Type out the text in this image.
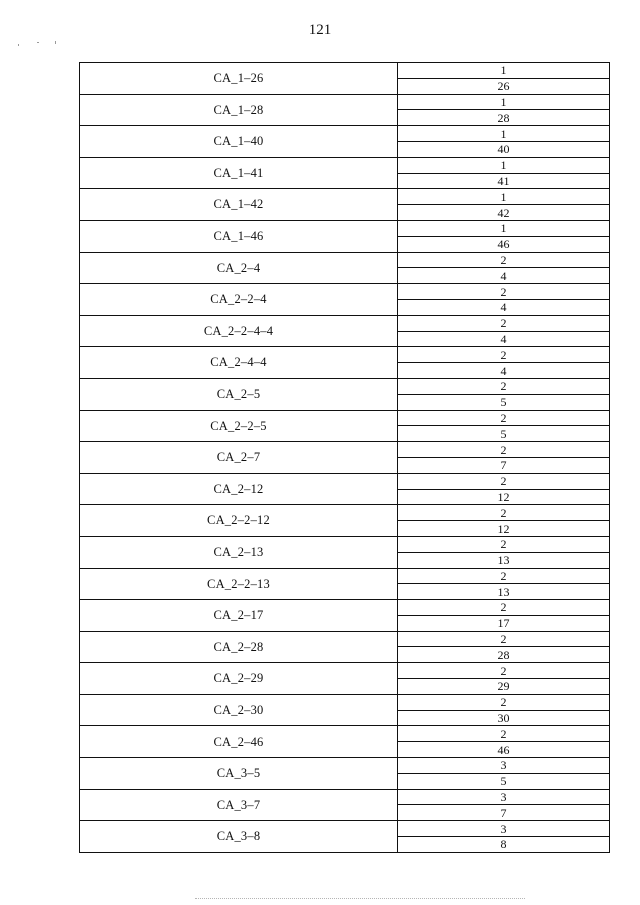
121
CA_1–26	1
26

CA_1–28	1
28

CA_1–40	1
40

CA_1–41	1
41

CA_1–42	1
42

CA_1–46	1
46

CA_2–4	2
4

CA_2–2–4	2
4

CA_2–2–4–4	2
4

CA_2–4–4	2
4

CA_2–5	2
5

CA_2–2–5	2
5

CA_2–7	2
7

CA_2–12	2
12

CA_2–2–12	2
12

CA_2–13	2
13

CA_2–2–13	2
13

CA_2–17	2
17

CA_2–28	2
28

CA_2–29	2
29

CA_2–30	2
30

CA_2–46	2
46

CA_3–5	3
5

CA_3–7	3
7

CA_3–8	3
8
